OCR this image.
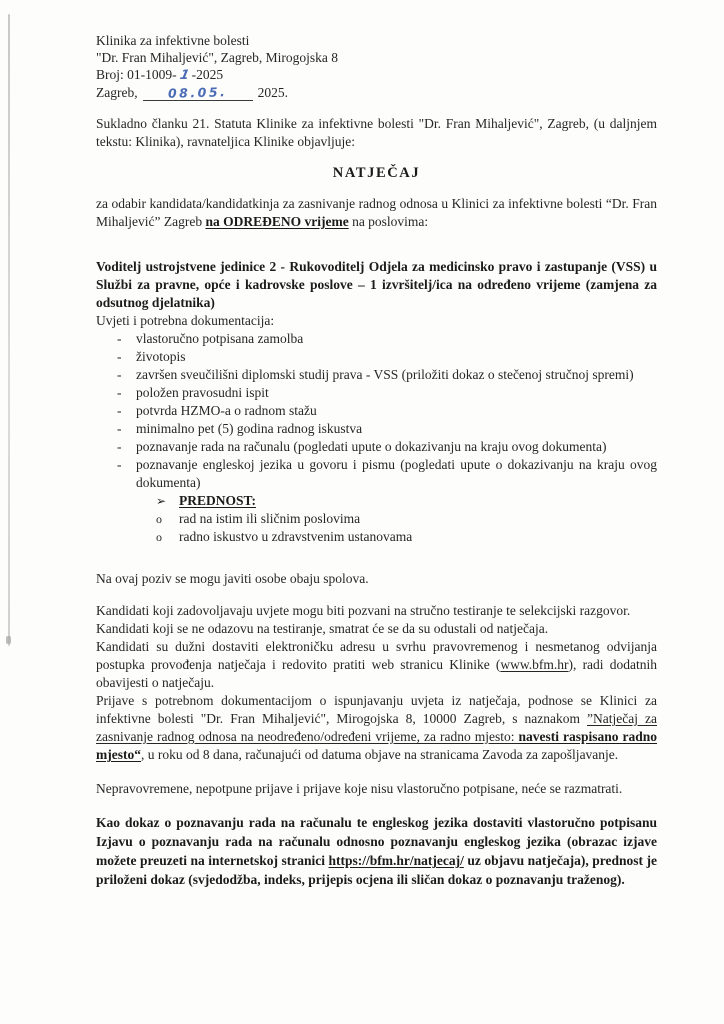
Klinika za infektivne bolesti
"Dr. Fran Mihaljević", Zagreb, Mirogojska 8
Broj: 01-1009-1-2025
Zagreb, 08.05. 2025.

Sukladno članku 21. Statuta Klinike za infektivne bolesti "Dr. Fran Mihaljević", Zagreb, (u daljnjem tekstu: Klinika), ravnateljica Klinike objavljuje:

NATJEČAJ

za odabir kandidata/kandidatkinja za zasnivanje radnog odnosa u Klinici za infektivne bolesti “Dr. Fran Mihaljević” Zagreb na ODREĐENO vrijeme na poslovima:

Voditelj ustrojstvene jedinice 2 - Rukovoditelj Odjela za medicinsko pravo i zastupanje (VSS) u Službi za pravne, opće i kadrovske poslove – 1 izvršitelj/ica na određeno vrijeme (zamjena za odsutnog djelatnika)

Uvjeti i potrebna dokumentacija:
-	vlastoručno potpisana zamolba
-	životopis
-	završen sveučilišni diplomski studij prava - VSS (priložiti dokaz o stečenoj stručnoj spremi)
-	položen pravosudni ispit
-	potvrda HZMO-a o radnom stažu
-	minimalno pet (5) godina radnog iskustva
-	poznavanje rada na računalu (pogledati upute o dokazivanju na kraju ovog dokumenta)
-	poznavanje engleskoj jezika u govoru i pismu (pogledati upute o dokazivanju na kraju ovog dokumenta)
➢ PREDNOST:
o	rad na istim ili sličnim poslovima
o	radno iskustvo u zdravstvenim ustanovama

Na ovaj poziv se mogu javiti osobe obaju spolova.

Kandidati koji zadovoljavaju uvjete mogu biti pozvani na stručno testiranje te selekcijski razgovor.

Kandidati koji se ne odazovu na testiranje, smatrat će se da su odustali od natječaja.

Kandidati su dužni dostaviti elektroničku adresu u svrhu pravovremenog i nesmetanog odvijanja postupka provođenja natječaja i redovito pratiti web stranicu Klinike (www.bfm.hr), radi dodatnih obavijesti o natječaju.

Prijave s potrebnom dokumentacijom o ispunjavanju uvjeta iz natječaja, podnose se Klinici za infektivne bolesti "Dr. Fran Mihaljević", Mirogojska 8, 10000 Zagreb, s naznakom ”Natječaj za zasnivanje radnog odnosa na neodređeno/određeni vrijeme, za radno mjesto: navesti raspisano radno mjesto“, u roku od 8 dana, računajući od datuma objave na stranicama Zavoda za zapošljavanje.

Nepravovremene, nepotpune prijave i prijave koje nisu vlastoručno potpisane, neće se razmatrati.

Kao dokaz o poznavanju rada na računalu te engleskog jezika dostaviti vlastoručno potpisanu Izjavu o poznavanju rada na računalu odnosno poznavanju engleskog jezika (obrazac izjave možete preuzeti na internetskoj stranici https://bfm.hr/natjecaj/ uz objavu natječaja), prednost je priloženi dokaz (svjedodžba, indeks, prijepis ocjena ili sličan dokaz o poznavanju traženog).
